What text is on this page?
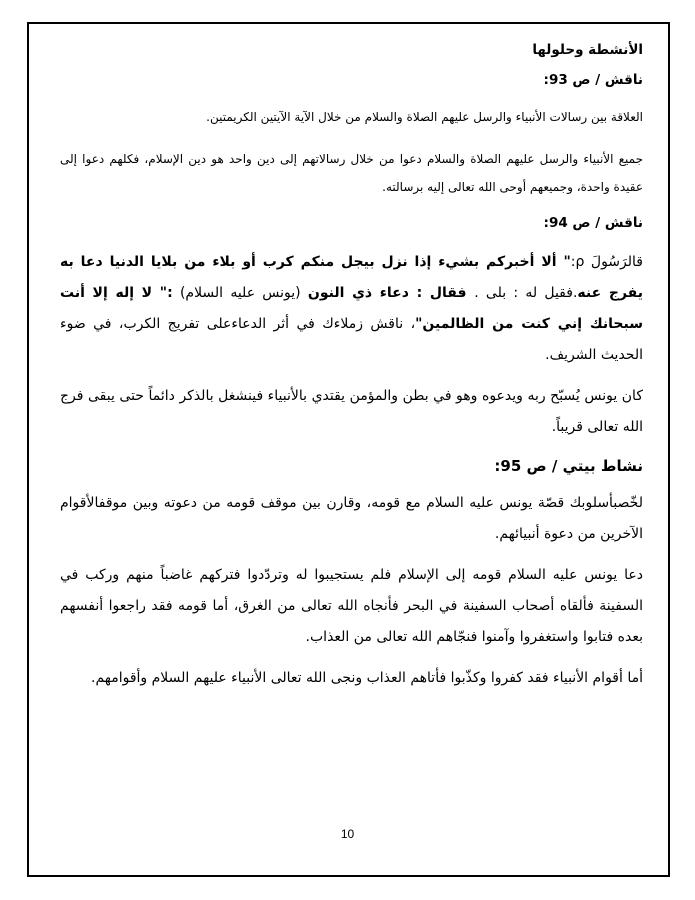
الأنشطة وحلولها

ناقش / ص 93:

العلاقة بين رسالات الأنبياء والرسل عليهم الصلاة والسلام من خلال الآية الآيتين الكريمتين.

جميع الأنبياء والرسل عليهم الصلاة والسلام دعوا من خلال رسالاتهم إلى دين واحد هو دين الإسلام، فكلهم دعوا إلى عقيدة واحدة، وجميعهم أوحى الله تعالى إليه برسالته.

ناقش / ص 94:

قالرَسُولَ ρ:" ألا أخبركم بشيء إذا نزل بيجل منكم كرب أو بلاء من بلايا الدنيا دعا به يفرج عنه.فقيل له : بلى . فقال : دعاء ذي النون (يونس عليه السلام) :" لا إله إلا أنت سبحانك إني كنت من الظالمين"، ناقش زملاءك في أثر الدعاءعلى تفريج الكرب، في ضوء الحديث الشريف.

كان يونس يُسبّح ربه ويدعوه وهو في بطن والمؤمن يقتدي بالأنبياء فينشغل بالذكر دائماً حتى يبقى فرج الله تعالى قريباً.

نشاط بيتي / ص 95:

لخّصبأسلوبك قصّة يونس عليه السلام مع قومه، وقارن بين موقف قومه من دعوته وبين موقفالأقوام الآخرين من دعوة أنبيائهم.

دعا يونس عليه السلام قومه إلى الإسلام فلم يستجيبوا له وتردّدوا فتركهم غاضباً منهم وركب في السفينة فألقاه أصحاب السفينة في البحر فأنجاه الله تعالى من الغرق، أما قومه فقد راجعوا أنفسهم بعده فتابوا واستغفروا وآمنوا فنجّاهم الله تعالى من العذاب.

أما أقوام الأنبياء فقد كفروا وكذّبوا فأتاهم العذاب ونجى الله تعالى الأنبياء عليهم السلام وأقوامهم.

10
